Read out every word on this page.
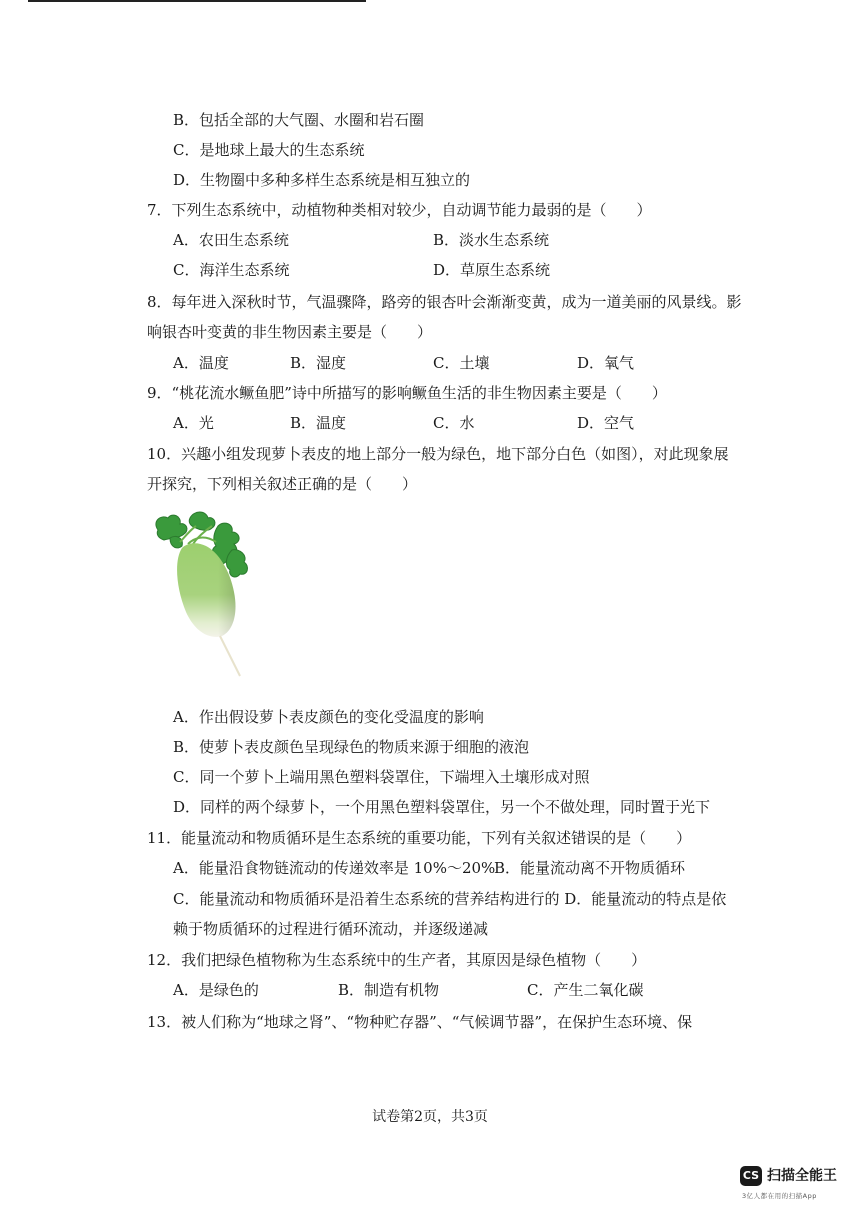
B．包括全部的大气圈、水圈和岩石圈
C．是地球上最大的生态系统
D．生物圈中多种多样生态系统是相互独立的
7．下列生态系统中，动植物种类相对较少，自动调节能力最弱的是（　　）
A．农田生态系统	B．淡水生态系统
C．海洋生态系统	D．草原生态系统
8．每年进入深秋时节，气温骤降，路旁的银杏叶会渐渐变黄，成为一道美丽的风景线。影
响银杏叶变黄的非生物因素主要是（　　）
A．温度	B．湿度	C．土壤	D．氧气
9．“桃花流水鳜鱼肥”诗中所描写的影响鳜鱼生活的非生物因素主要是（　　）
A．光	B．温度	C．水	D．空气
10．兴趣小组发现萝卜表皮的地上部分一般为绿色，地下部分白色（如图），对此现象展
开探究，下列相关叙述正确的是（　　）
A．作出假设萝卜表皮颜色的变化受温度的影响
B．使萝卜表皮颜色呈现绿色的物质来源于细胞的液泡
C．同一个萝卜上端用黑色塑料袋罩住，下端埋入土壤形成对照
D．同样的两个绿萝卜，一个用黑色塑料袋罩住，另一个不做处理，同时置于光下
11．能量流动和物质循环是生态系统的重要功能，下列有关叙述错误的是（　　）
A．能量沿食物链流动的传递效率是 10%～20%
B．能量流动离不开物质循环
C．能量流动和物质循环是沿着生态系统的营养结构进行的 D．能量流动的特点是依
赖于物质循环的过程进行循环流动，并逐级递减
12．我们把绿色植物称为生态系统中的生产者，其原因是绿色植物（　　）
A．是绿色的	B．制造有机物	C．产生二氧化碳
13．被人们称为“地球之肾”、“物种贮存器”、“气候调节器”，在保护生态环境、保
试卷第2页，共3页
CS 扫描全能王
3亿人都在用的扫描App
